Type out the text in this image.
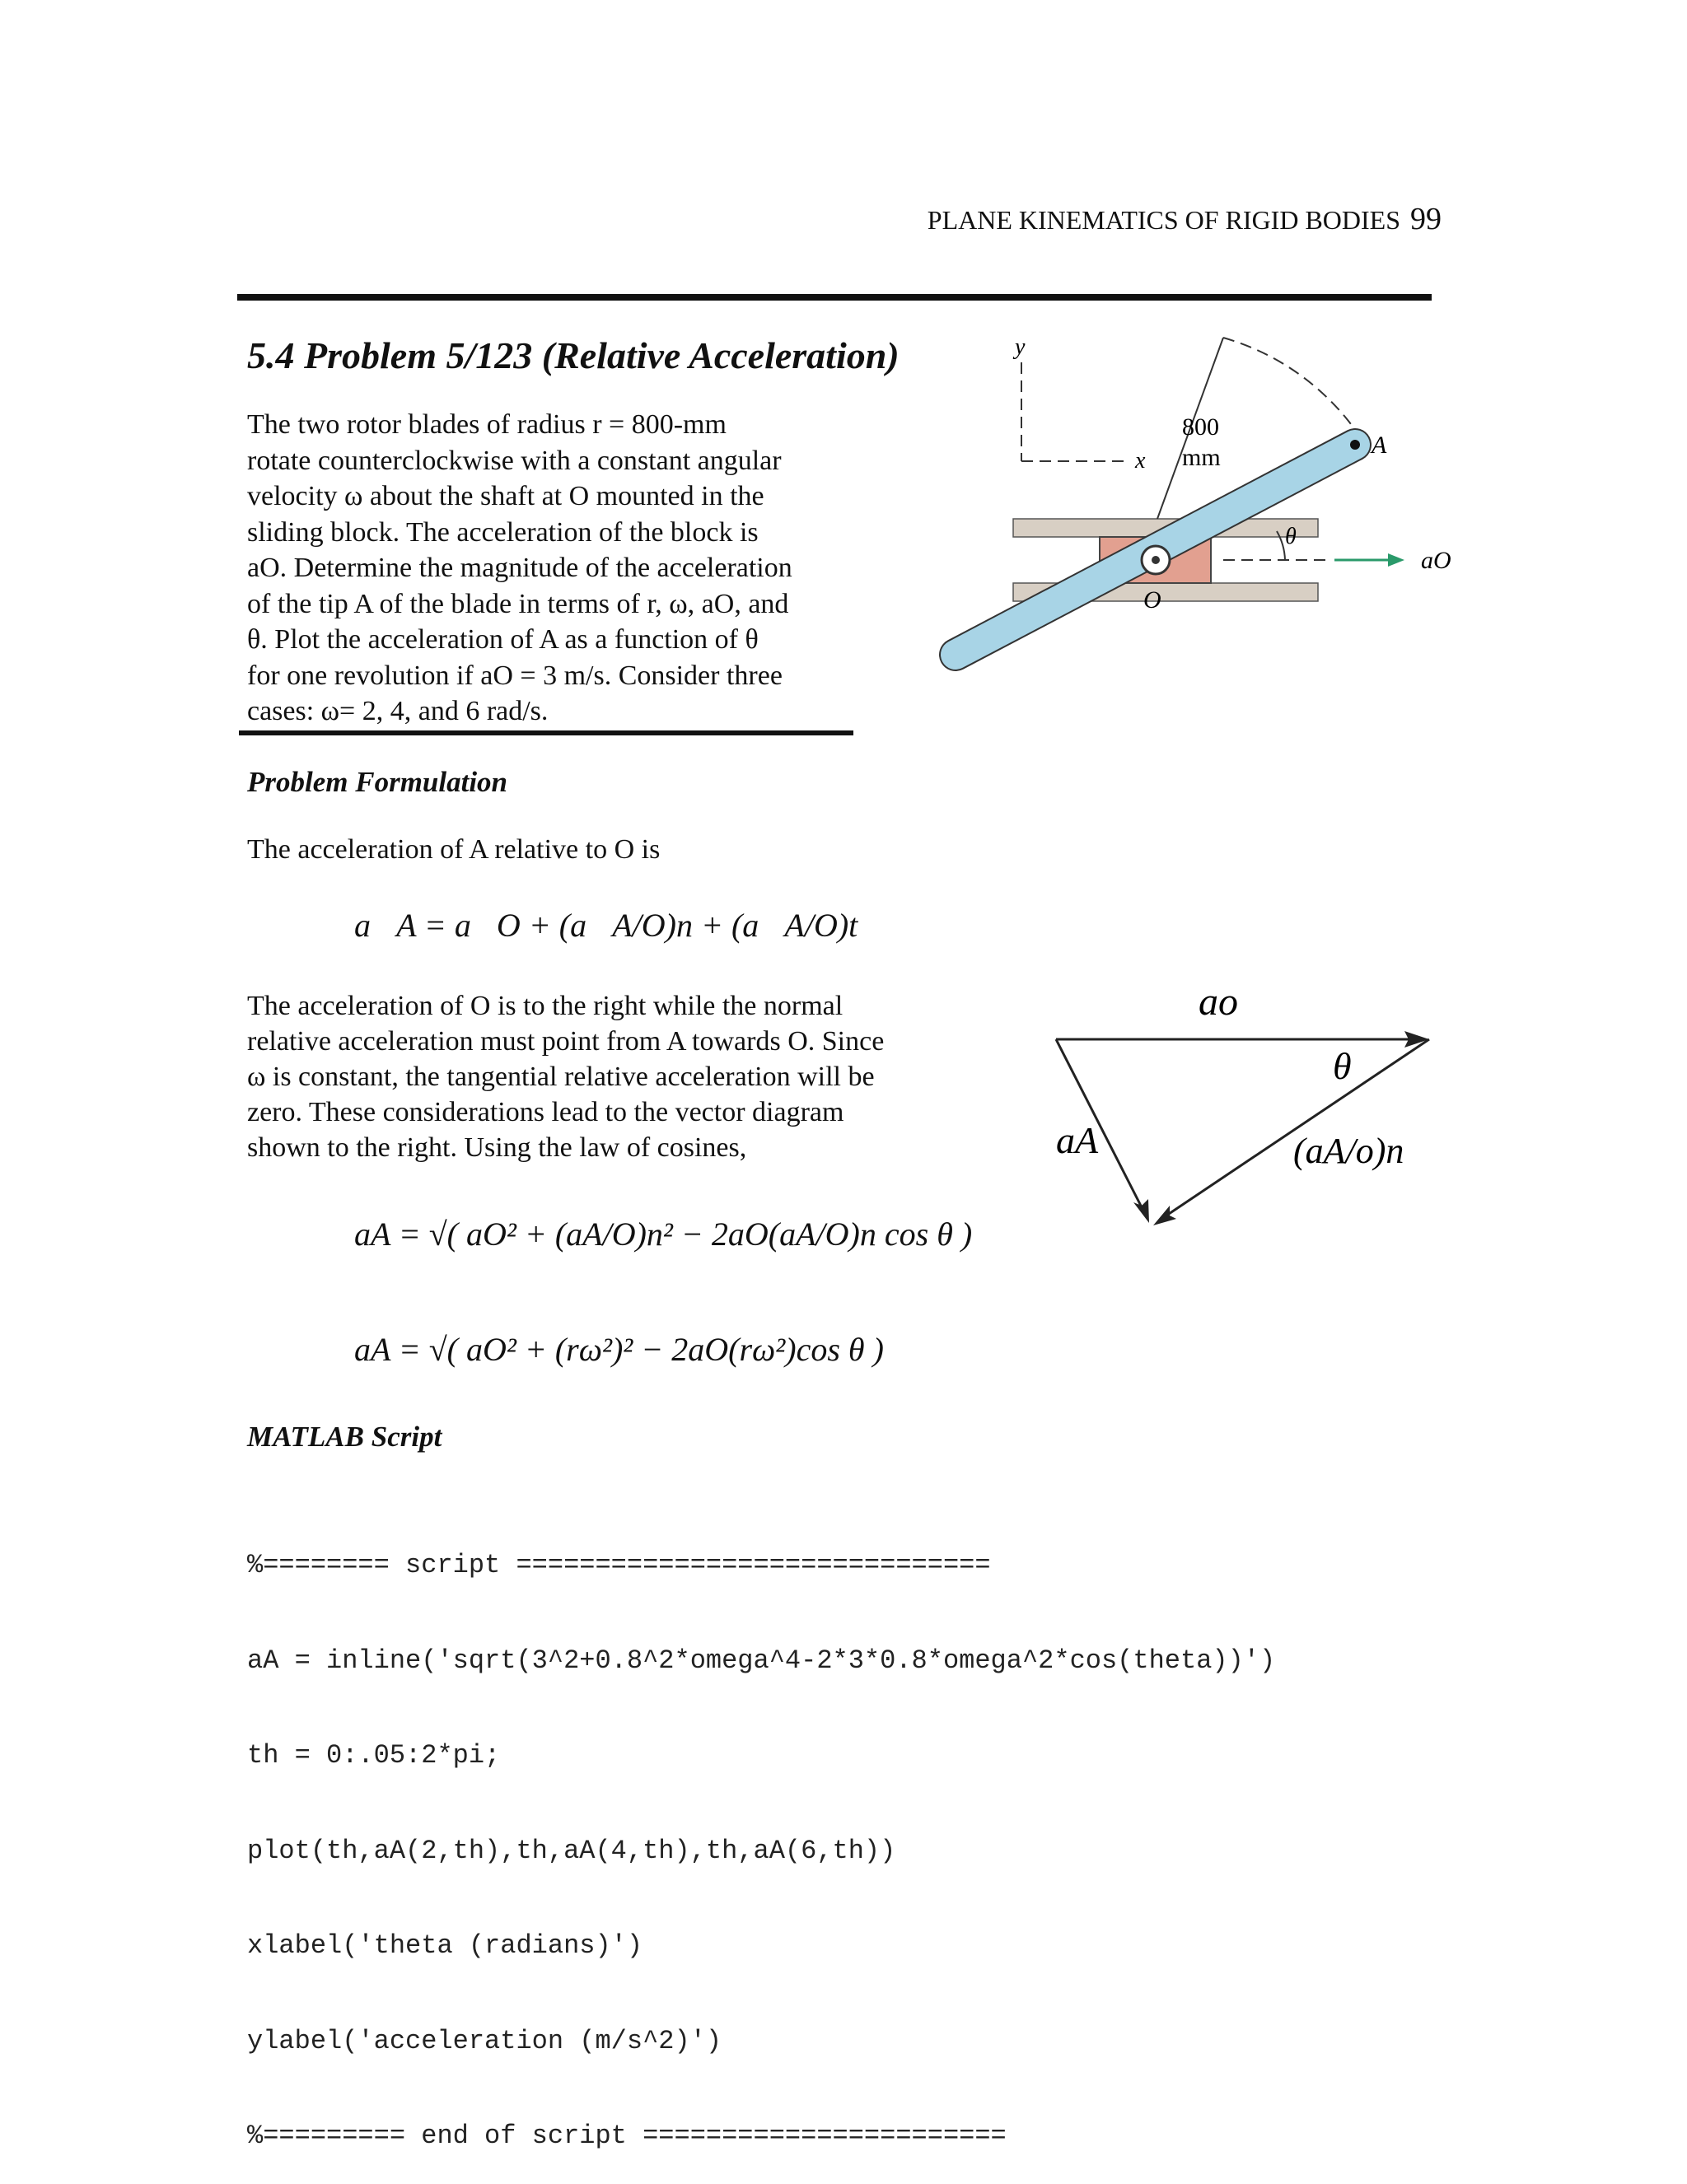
PLANE KINEMATICS OF RIGID BODIES 99
5.4 Problem 5/123 (Relative Acceleration)
The two rotor blades of radius r = 800-mm
rotate counterclockwise with a constant angular
velocity ω about the shaft at O mounted in the
sliding block. The acceleration of the block is
aO. Determine the magnitude of the acceleration
of the tip A of the blade in terms of r, ω, aO, and
θ. Plot the acceleration of A as a function of θ
for one revolution if aO = 3 m/s. Consider three
cases: ω= 2, 4, and 6 rad/s.
y
x
A
O
800
mm
θ
aO
Problem Formulation
The acceleration of A relative to O is
a⃗A = a⃗O + (a⃗A/O)n + (a⃗A/O)t
The acceleration of O is to the right while the normal
relative acceleration must point from A towards O. Since
ω is constant, the tangential relative acceleration will be
zero. These considerations lead to the vector diagram
shown to the right. Using the law of cosines,
ao
θ
aA	(aA/o)n
aA = √( aO² + (aA/O)n² − 2aO(aA/O)n cos θ )
aA = √( aO² + (rω²)² − 2aO(rω²)cos θ )
MATLAB Script

%======== script ==============================

aA = inline('sqrt(3^2+0.8^2*omega^4-2*3*0.8*omega^2*cos(theta))')

th = 0:.05:2*pi;

plot(th,aA(2,th),th,aA(4,th),th,aA(6,th))

xlabel('theta (radians)')

ylabel('acceleration (m/s^2)')

%========= end of script =======================
